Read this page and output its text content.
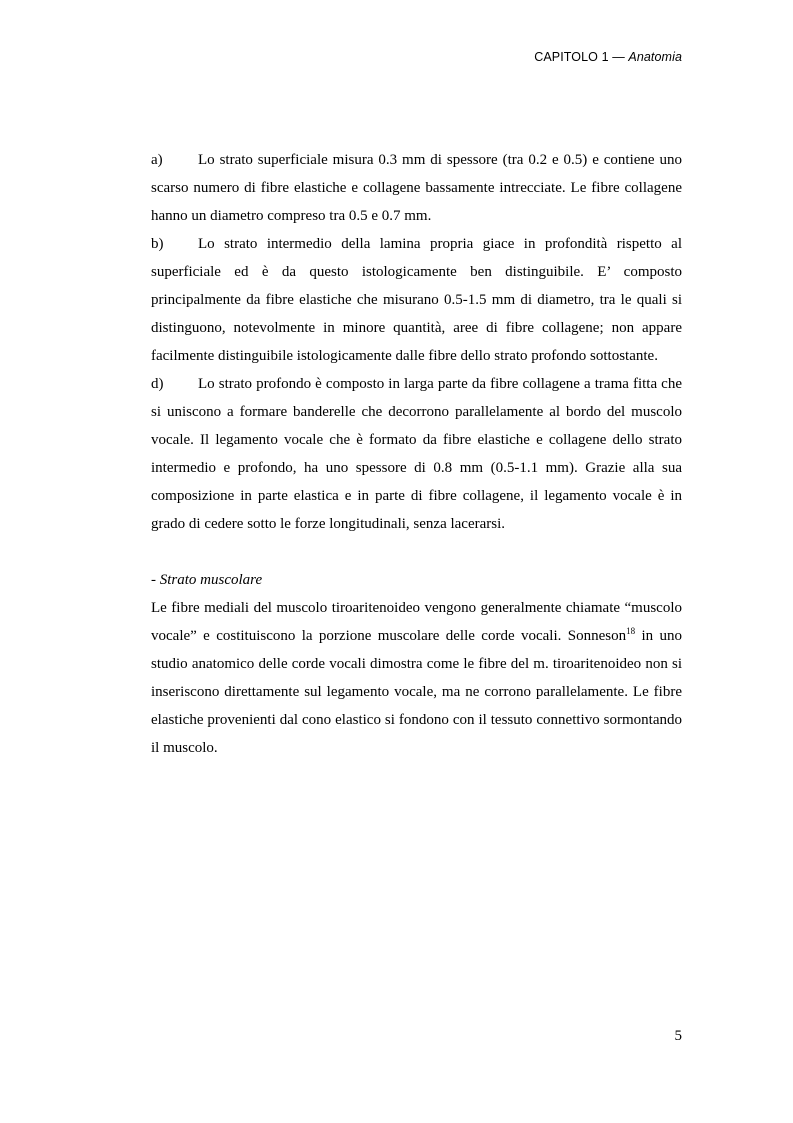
CAPITOLO 1 — Anatomia

a) Lo strato superficiale misura 0.3 mm di spessore (tra 0.2 e 0.5) e contiene uno scarso numero di fibre elastiche e collagene bassamente intrecciate. Le fibre collagene hanno un diametro compreso tra 0.5 e 0.7 mm.

b) Lo strato intermedio della lamina propria giace in profondità rispetto al superficiale ed è da questo istologicamente ben distinguibile. E’ composto principalmente da fibre elastiche che misurano 0.5-1.5 mm di diametro, tra le quali si distinguono, notevolmente in minore quantità, aree di fibre collagene; non appare facilmente distinguibile istologicamente dalle fibre dello strato profondo sottostante.

d) Lo strato profondo è composto in larga parte da fibre collagene a trama fitta che si uniscono a formare banderelle che decorrono parallelamente al bordo del muscolo vocale. Il legamento vocale che è formato da fibre elastiche e collagene dello strato intermedio e profondo, ha uno spessore di 0.8 mm (0.5-1.1 mm). Grazie alla sua composizione in parte elastica e in parte di fibre collagene, il legamento vocale è in grado di cedere sotto le forze longitudinali, senza lacerarsi.

- Strato muscolare

Le fibre mediali del muscolo tiroaritenoideo vengono generalmente chiamate “muscolo vocale” e costituiscono la porzione muscolare delle corde vocali. Sonneson$^{18}$ in uno studio anatomico delle corde vocali dimostra come le fibre del m. tiroaritenoideo non si inseriscono direttamente sul legamento vocale, ma ne corrono parallelamente. Le fibre elastiche provenienti dal cono elastico si fondono con il tessuto connettivo sormontando il muscolo.

5
